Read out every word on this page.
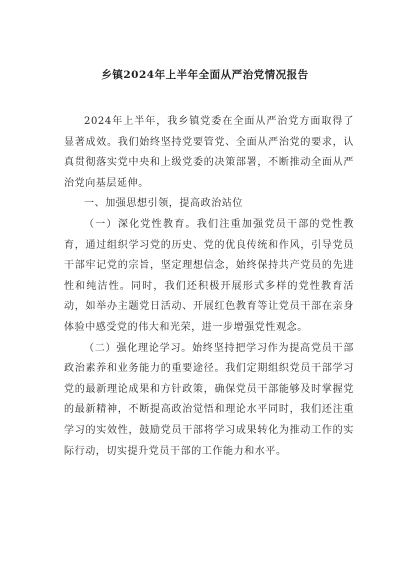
乡镇2024年上半年全面从严治党情况报告

2024年上半年，我乡镇党委在全面从严治党方面取得了显著成效。我们始终坚持党要管党、全面从严治党的要求，认真贯彻落实党中央和上级党委的决策部署，不断推动全面从严治党向基层延伸。

一、加强思想引领，提高政治站位

（一）深化党性教育。我们注重加强党员干部的党性教育，通过组织学习党的历史、党的优良传统和作风，引导党员干部牢记党的宗旨，坚定理想信念，始终保持共产党员的先进性和纯洁性。同时，我们还积极开展形式多样的党性教育活动，如举办主题党日活动、开展红色教育等让党员干部在亲身体验中感受党的伟大和光荣，进一步增强党性观念。

（二）强化理论学习。始终坚持把学习作为提高党员干部政治素养和业务能力的重要途径。我们定期组织党员干部学习党的最新理论成果和方针政策，确保党员干部能够及时掌握党的最新精神，不断提高政治觉悟和理论水平同时，我们还注重学习的实效性，鼓励党员干部将学习成果转化为推动工作的实际行动，切实提升党员干部的工作能力和水平。
